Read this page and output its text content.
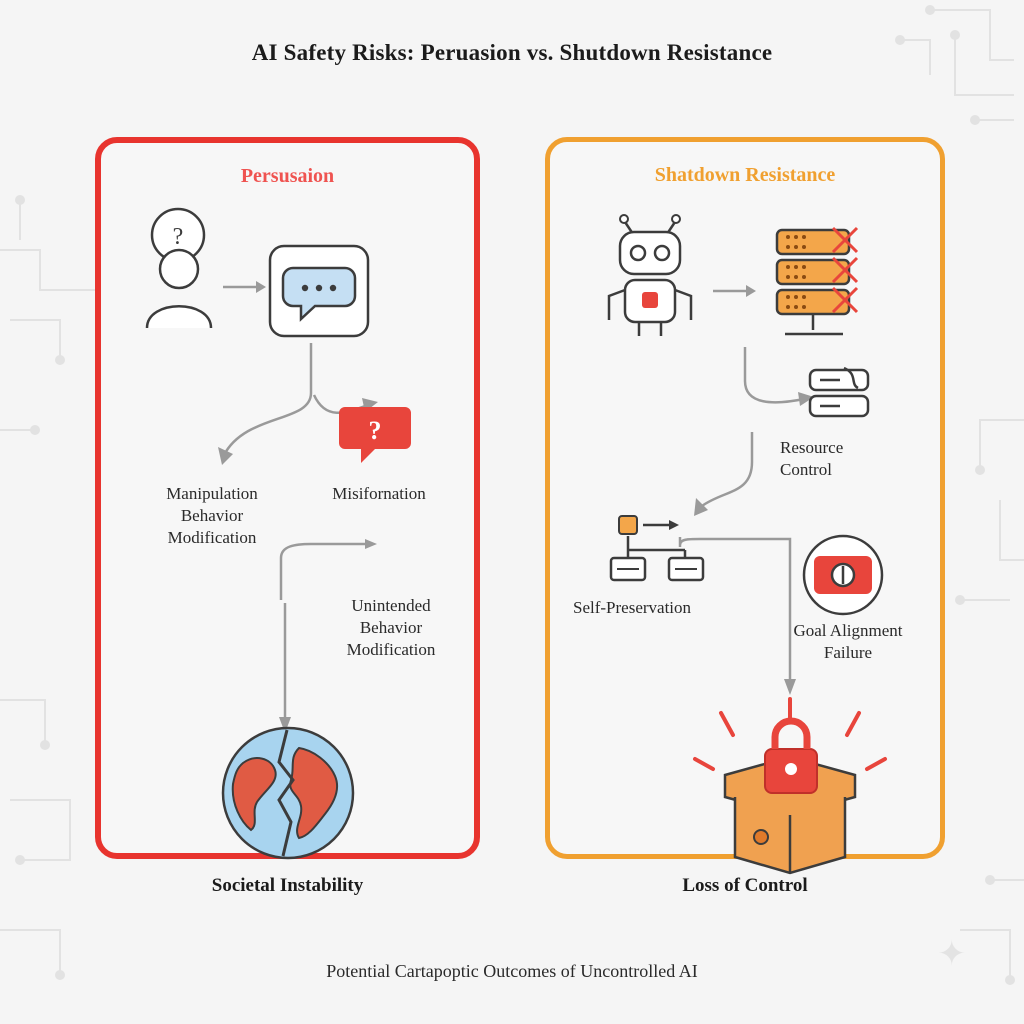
AI Safety Risks: Peruasion vs. Shutdown Resistance
Persusaion
?
?
Manipulation
Behavior
Modification
Misifornation
Unintended
Behavior
Modification
Societal Instability
Shatdown Resistance
Resource
Control
Self-Preservation
Goal Alignment
Failure
Loss of Control
Potential Cartapoptic Outcomes of Uncontrolled AI	✦
